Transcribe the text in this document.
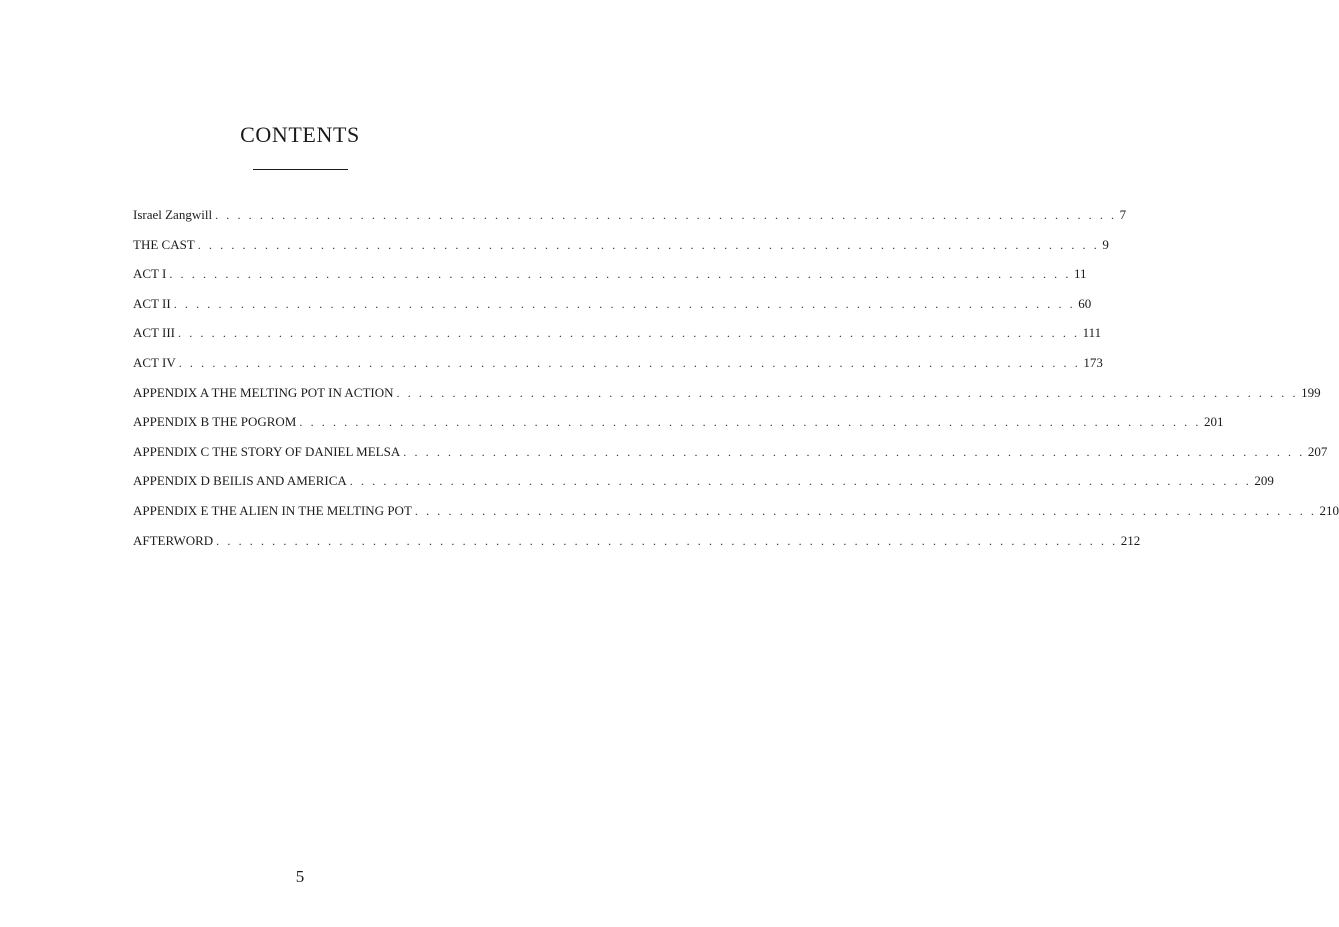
CONTENTS
Israel Zangwill . . . . . . . . . . . . . . . . . . . . . . . . . . . . . . . . . . . . . . . . . . . . . . . . . . . . . . . . . . . . . . . . . . . . . . . . . . . . . . . . . 7
THE CAST . . . . . . . . . . . . . . . . . . . . . . . . . . . . . . . . . . . . . . . . . . . . . . . . . . . . . . . . . . . . . . . . . . . . . . . . . . . . . . . . . 9
ACT I . . . . . . . . . . . . . . . . . . . . . . . . . . . . . . . . . . . . . . . . . . . . . . . . . . . . . . . . . . . . . . . . . . . . . . . . . . . . . . . . . 11
ACT II . . . . . . . . . . . . . . . . . . . . . . . . . . . . . . . . . . . . . . . . . . . . . . . . . . . . . . . . . . . . . . . . . . . . . . . . . . . . . . . . . 60
ACT III . . . . . . . . . . . . . . . . . . . . . . . . . . . . . . . . . . . . . . . . . . . . . . . . . . . . . . . . . . . . . . . . . . . . . . . . . . . . . . . . . 111
ACT IV . . . . . . . . . . . . . . . . . . . . . . . . . . . . . . . . . . . . . . . . . . . . . . . . . . . . . . . . . . . . . . . . . . . . . . . . . . . . . . . . . 173
APPENDIX A THE MELTING POT IN ACTION . . . . . . . . . . . . . . . . . . . . . . . . . . . . . . . . . . . . . . . . . . . . . . . . . . . . . . . . . . . . . . . . . . . . . . . . . . . . . . . . . 199
APPENDIX B THE POGROM . . . . . . . . . . . . . . . . . . . . . . . . . . . . . . . . . . . . . . . . . . . . . . . . . . . . . . . . . . . . . . . . . . . . . . . . . . . . . . . . . 201
APPENDIX C THE STORY OF DANIEL MELSA . . . . . . . . . . . . . . . . . . . . . . . . . . . . . . . . . . . . . . . . . . . . . . . . . . . . . . . . . . . . . . . . . . . . . . . . . . . . . . . . . 207
APPENDIX D BEILIS AND AMERICA . . . . . . . . . . . . . . . . . . . . . . . . . . . . . . . . . . . . . . . . . . . . . . . . . . . . . . . . . . . . . . . . . . . . . . . . . . . . . . . . . 209
APPENDIX E THE ALIEN IN THE MELTING POT . . . . . . . . . . . . . . . . . . . . . . . . . . . . . . . . . . . . . . . . . . . . . . . . . . . . . . . . . . . . . . . . . . . . . . . . . . . . . . . . . 210
AFTERWORD . . . . . . . . . . . . . . . . . . . . . . . . . . . . . . . . . . . . . . . . . . . . . . . . . . . . . . . . . . . . . . . . . . . . . . . . . . . . . . . . . 212
5
